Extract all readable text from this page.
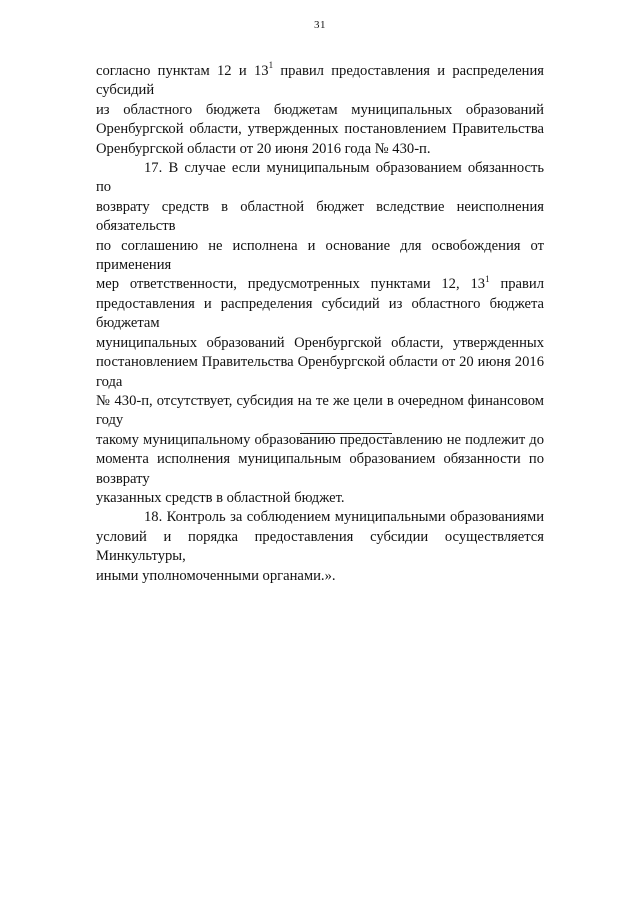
31
согласно пунктам 12 и $13^1$ правил предоставления и распределения субсидий
из областного бюджета бюджетам муниципальных образований
Оренбургской области, утвержденных постановлением Правительства
Оренбургской области от 20 июня 2016 года № 430-п.
17. В случае если муниципальным образованием обязанность по
возврату средств в областной бюджет вследствие неисполнения обязательств
по соглашению не исполнена и основание для освобождения от применения
мер ответственности, предусмотренных пунктами 12, $13^1$ правил
предоставления и распределения субсидий из областного бюджета бюджетам
муниципальных образований Оренбургской области, утвержденных
постановлением Правительства Оренбургской области от 20 июня 2016 года
№ 430-п, отсутствует, субсидия на те же цели в очередном финансовом году
такому муниципальному образованию предоставлению не подлежит до
момента исполнения муниципальным образованием обязанности по возврату
указанных средств в областной бюджет.
18. Контроль за соблюдением муниципальными образованиями
условий и порядка предоставления субсидии осуществляется Минкультуры,
иными уполномоченными органами.».
